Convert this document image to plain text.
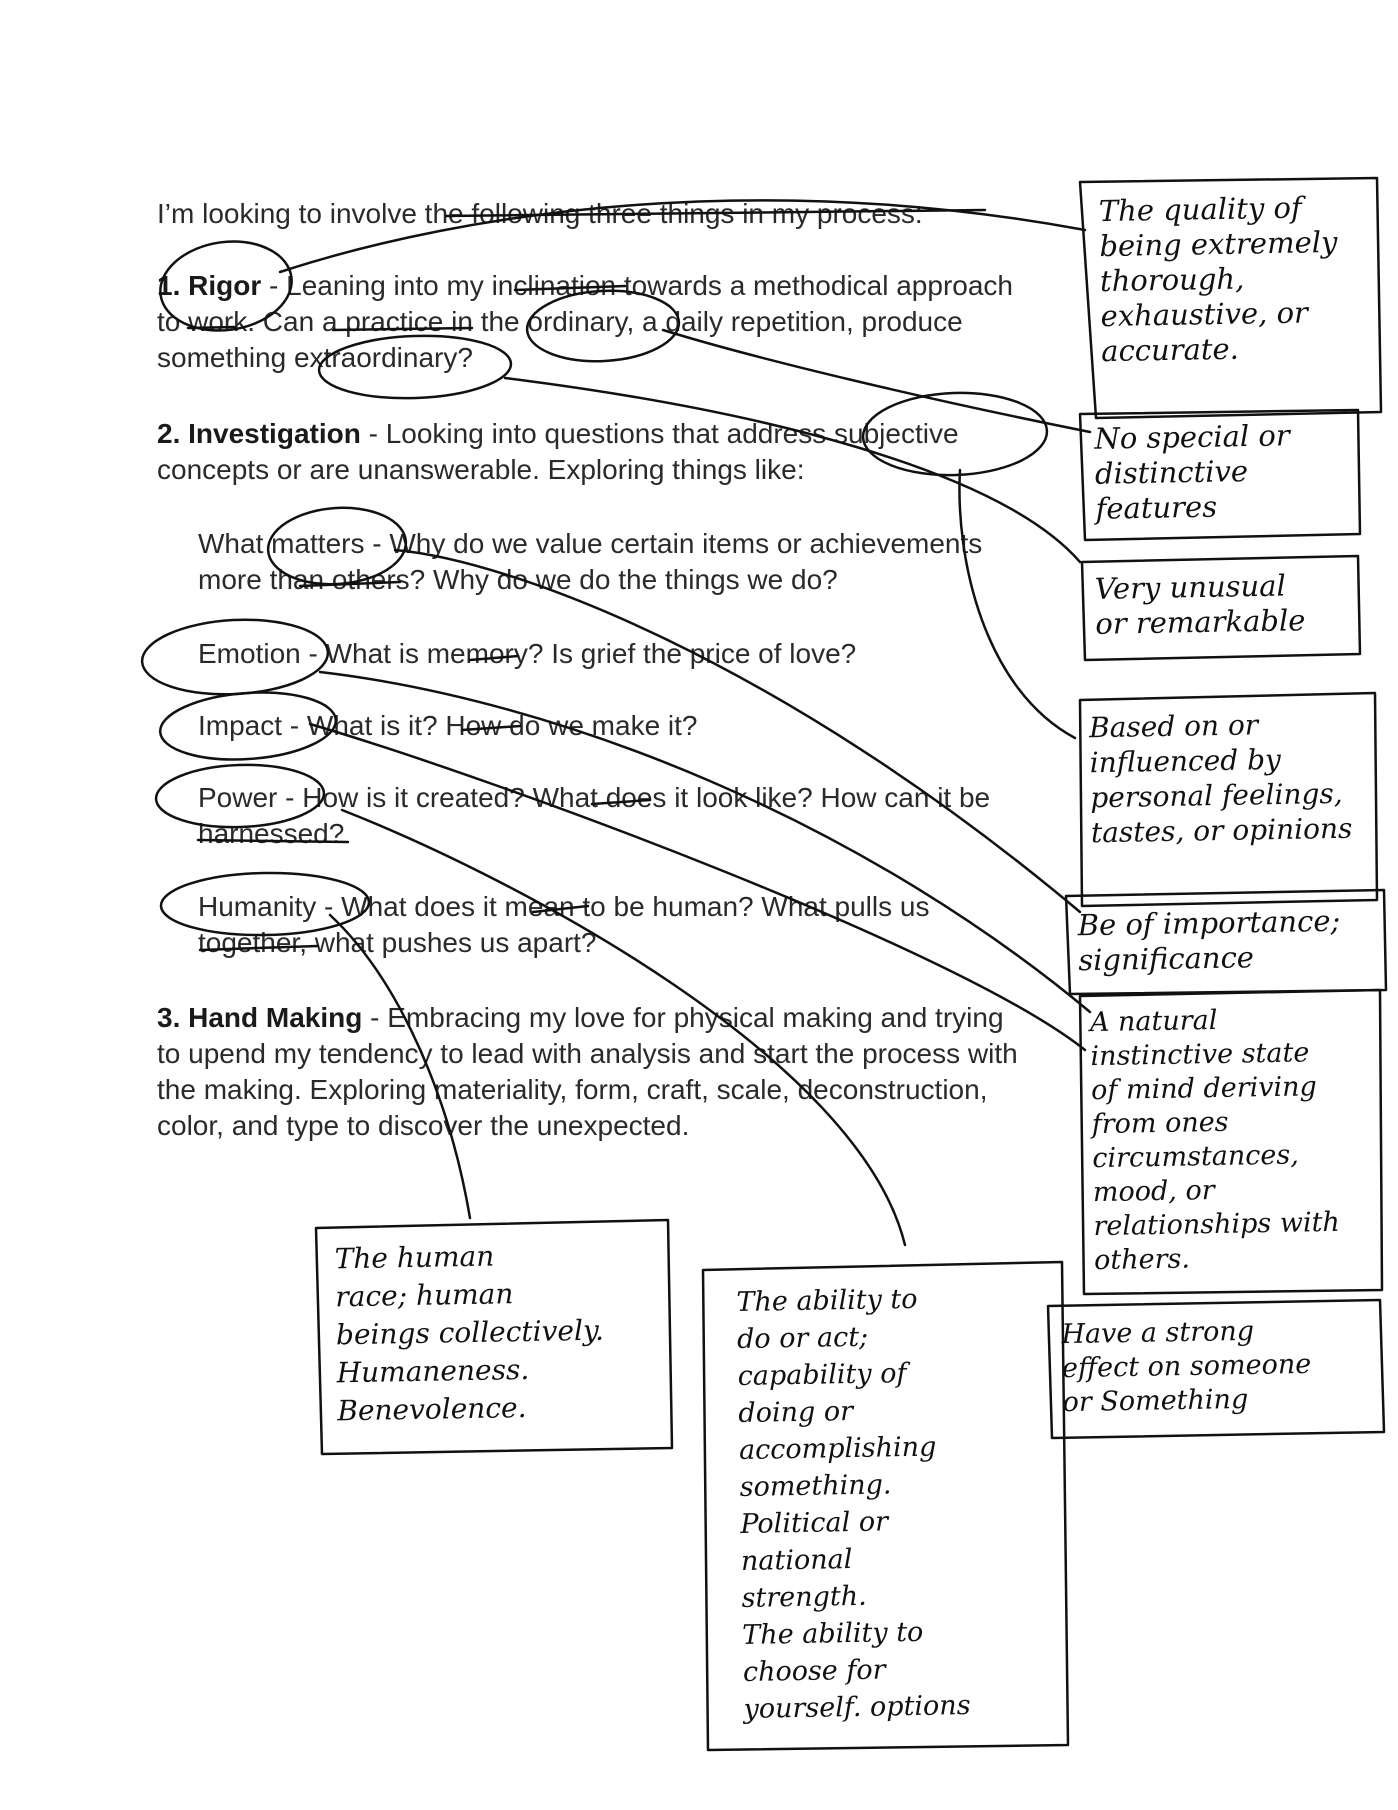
I’m looking to involve the following three things in my process:
1. Rigor - Leaning into my inclination towards a methodical approach
to work. Can a practice in the ordinary, a daily repetition, produce
something extraordinary?
2. Investigation - Looking into questions that address subjective
concepts or are unanswerable. Exploring things like:
What matters - Why do we value certain items or achievements
more than others? Why do we do the things we do?
Emotion - What is memory? Is grief the price of love?
Impact - What is it? How do we make it?
Power - How is it created? What does it look like? How can it be
harnessed?
Humanity - What does it mean to be human? What pulls us
together, what pushes us apart?
3. Hand Making - Embracing my love for physical making and trying
to upend my tendency to lead with analysis and start the process with
the making. Exploring materiality, form, craft, scale, deconstruction,
color, and type to discover the unexpected.
The quality of
being extremely
thorough,
exhaustive, or
accurate.
No special or
distinctive
features
Very unusual
or remarkable
Based on or
influenced by
personal feelings,
tastes, or opinions
Be of importance;
significance
A natural
instinctive state
of mind deriving
from ones
circumstances,
mood, or
relationships with
others.
Have a strong
effect on someone
or Something
The human
race; human
beings collectively.
Humaneness.
Benevolence.
The ability to
do or act;
capability of
doing or
accomplishing
something.
Political or
national
strength.
The ability to
choose for
yourself. options
